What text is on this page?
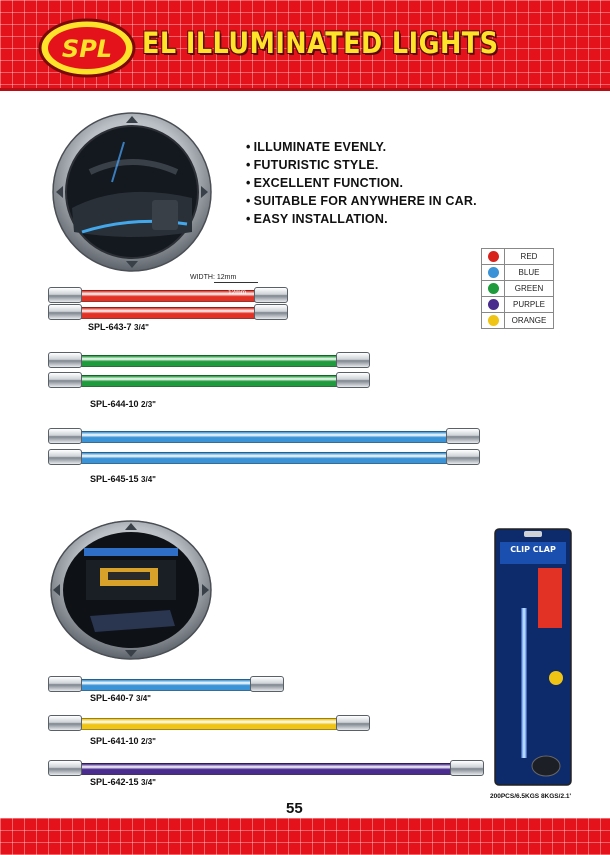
SPL EL ILLUMINATED LIGHTS
• ILLUMINATE EVENLY.
• FUTURISTIC STYLE.
• EXCELLENT FUNCTION.
• SUITABLE FOR ANYWHERE IN CAR.
• EASY INSTALLATION.
RED
BLUE
GREEN
PURPLE
ORANGE
WIDTH: 12mm
SPL-643-7 3/4"
SPL-644-10 2/3"
SPL-645-15 3/4"
SPL-640-7 3/4"
SPL-641-10 2/3"
SPL-642-15 3/4"
12mm
CLIP CLAP
200PCS/6.5KGS 8KGS/2.1'
55
